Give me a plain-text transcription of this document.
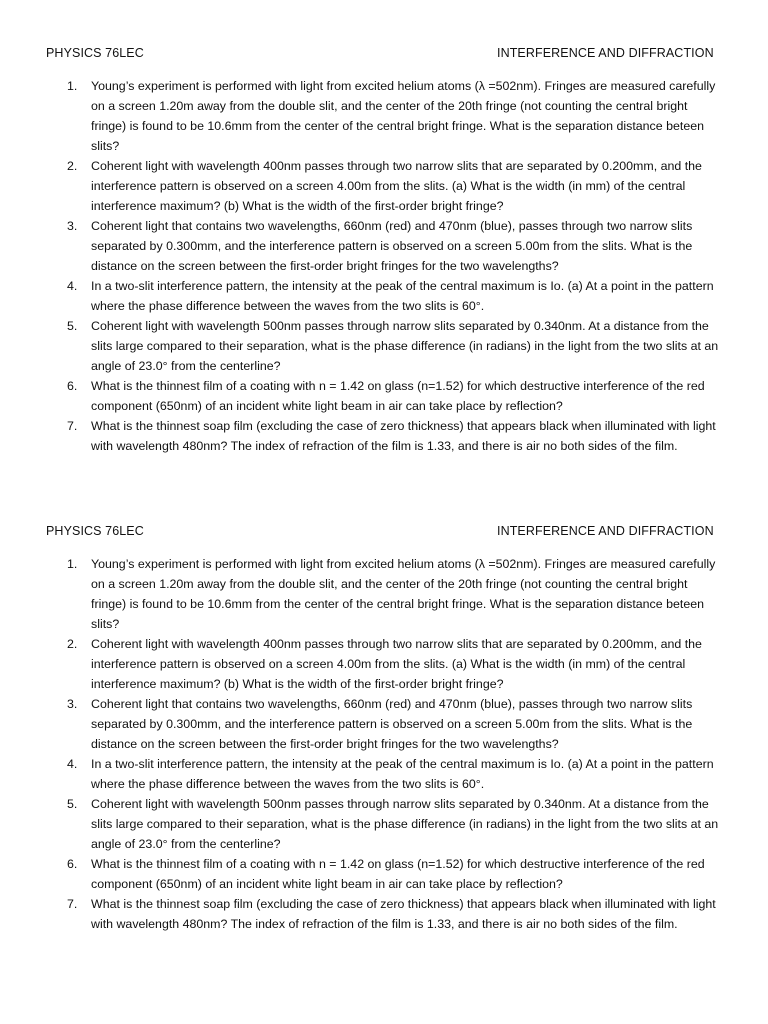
PHYSICS 76LEC	INTERFERENCE AND DIFFRACTION
1. Young’s experiment is performed with light from excited helium atoms (λ =502nm). Fringes are measured carefully on a screen 1.20m away from the double slit, and the center of the 20th fringe (not counting the central bright fringe) is found to be 10.6mm from the center of the central bright fringe. What is the separation distance beteen slits?
2. Coherent light with wavelength 400nm passes through two narrow slits that are separated by 0.200mm, and the interference pattern is observed on a screen 4.00m from the slits. (a) What is the width (in mm) of the central interference maximum? (b) What is the width of the first-order bright fringe?
3. Coherent light that contains two wavelengths, 660nm (red) and 470nm (blue), passes through two narrow slits separated by 0.300mm, and the interference pattern is observed on a screen 5.00m from the slits. What is the distance on the screen between the first-order bright fringes for the two wavelengths?
4. In a two-slit interference pattern, the intensity at the peak of the central maximum is Io. (a) At a point in the pattern where the phase difference between the waves from the two slits is 60°.
5. Coherent light with wavelength 500nm passes through narrow slits separated by 0.340nm. At a distance from the slits large compared to their separation, what is the phase difference (in radians) in the light from the two slits at an angle of 23.0° from the centerline?
6. What is the thinnest film of a coating with n = 1.42 on glass (n=1.52) for which destructive interference of the red component (650nm) of an incident white light beam in air can take place by reflection?
7. What is the thinnest soap film (excluding the case of zero thickness) that appears black when illuminated with light with wavelength 480nm? The index of refraction of the film is 1.33, and there is air no both sides of the film.
PHYSICS 76LEC	INTERFERENCE AND DIFFRACTION
1. Young’s experiment is performed with light from excited helium atoms (λ =502nm). Fringes are measured carefully on a screen 1.20m away from the double slit, and the center of the 20th fringe (not counting the central bright fringe) is found to be 10.6mm from the center of the central bright fringe. What is the separation distance beteen slits?
2. Coherent light with wavelength 400nm passes through two narrow slits that are separated by 0.200mm, and the interference pattern is observed on a screen 4.00m from the slits. (a) What is the width (in mm) of the central interference maximum? (b) What is the width of the first-order bright fringe?
3. Coherent light that contains two wavelengths, 660nm (red) and 470nm (blue), passes through two narrow slits separated by 0.300mm, and the interference pattern is observed on a screen 5.00m from the slits. What is the distance on the screen between the first-order bright fringes for the two wavelengths?
4. In a two-slit interference pattern, the intensity at the peak of the central maximum is Io. (a) At a point in the pattern where the phase difference between the waves from the two slits is 60°.
5. Coherent light with wavelength 500nm passes through narrow slits separated by 0.340nm. At a distance from the slits large compared to their separation, what is the phase difference (in radians) in the light from the two slits at an angle of 23.0° from the centerline?
6. What is the thinnest film of a coating with n = 1.42 on glass (n=1.52) for which destructive interference of the red component (650nm) of an incident white light beam in air can take place by reflection?
7. What is the thinnest soap film (excluding the case of zero thickness) that appears black when illuminated with light with wavelength 480nm? The index of refraction of the film is 1.33, and there is air no both sides of the film.
